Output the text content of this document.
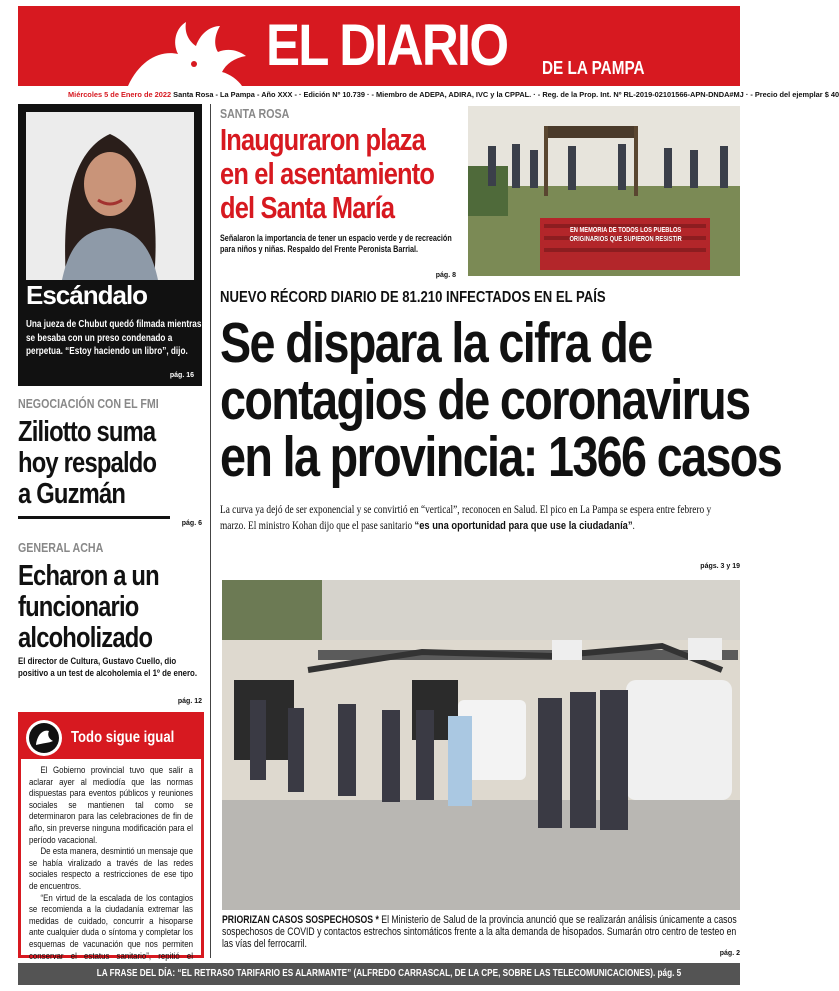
EL DIARIO DE LA PAMPA
Miércoles 5 de Enero de 2022 Santa Rosa - La Pampa - Año XXX - · Edición Nº 10.739 · - Miembro de ADEPA, ADIRA, IVC y la CPPAL. · - Reg. de la Prop. Int. Nº RL-2019-02101566-APN-DNDA#MJ · - Precio del ejemplar $ 40
Escándalo
Una jueza de Chubut quedó filmada mientras se besaba con un preso condenado a perpetua. “Estoy haciendo un libro”, dijo.
pág. 16
NEGOCIACIÓN CON EL FMI
Ziliotto suma
hoy respaldo
a Guzmán
pág. 6
GENERAL ACHA
Echaron a un
funcionario
alcoholizado
El director de Cultura, Gustavo Cuello, dio positivo a un test de alcoholemia el 1º de enero.
pág. 12
Todo sigue igual

El Gobierno provincial tuvo que salir a aclarar ayer al mediodía que las normas dispuestas para eventos públicos y reuniones sociales se mantienen tal como se determinaron para las celebraciones de fin de año, sin preverse ninguna modificación para el período vacacional.

De esta manera, desmintió un mensaje que se había viralizado a través de las redes sociales respecto a restricciones de ese tipo de encuentros.

“En virtud de la escalada de los contagios se recomienda a la ciudadanía extremar las medidas de cuidado, concurrir a hisoparse ante cualquier duda o síntoma y completar los esquemas de vacunación que nos permiten conservar el estatus sanitario”, repitió el

SANTA ROSA
Inauguraron plaza
en el asentamiento
del Santa María
Señalaron la importancia de tener un espacio verde y de recreación para niños y niñas. Respaldo del Frente Peronista Barrial.
pág. 8
EN MEMORIA DE TODOS LOS PUEBLOS ORIGINARIOS QUE SUPIERON RESISTIR
NUEVO RÉCORD DIARIO DE 81.210 INFECTADOS EN EL PAÍS
Se dispara la cifra de
contagios de coronavirus
en la provincia: 1366 casos
La curva ya dejó de ser exponencial y se convirtió en “vertical”, reconocen en Salud. El pico en La Pampa se espera entre febrero y marzo. El ministro Kohan dijo que el pase sanitario “es una oportunidad para que use la ciudadanía”.
págs. 3 y 19
PRIORIZAN CASOS SOSPECHOSOS * El Ministerio de Salud de la provincia anunció que se realizarán análisis únicamente a casos sospechosos de COVID y contactos estrechos sintomáticos frente a la alta demanda de hisopados. Sumarán otro centro de testeo en las vías del ferrocarril.
pág. 2
LA FRASE DEL DÍA: “EL RETRASO TARIFARIO ES ALARMANTE” (ALFREDO CARRASCAL, DE LA CPE, SOBRE LAS TELECOMUNICACIONES). pág. 5
